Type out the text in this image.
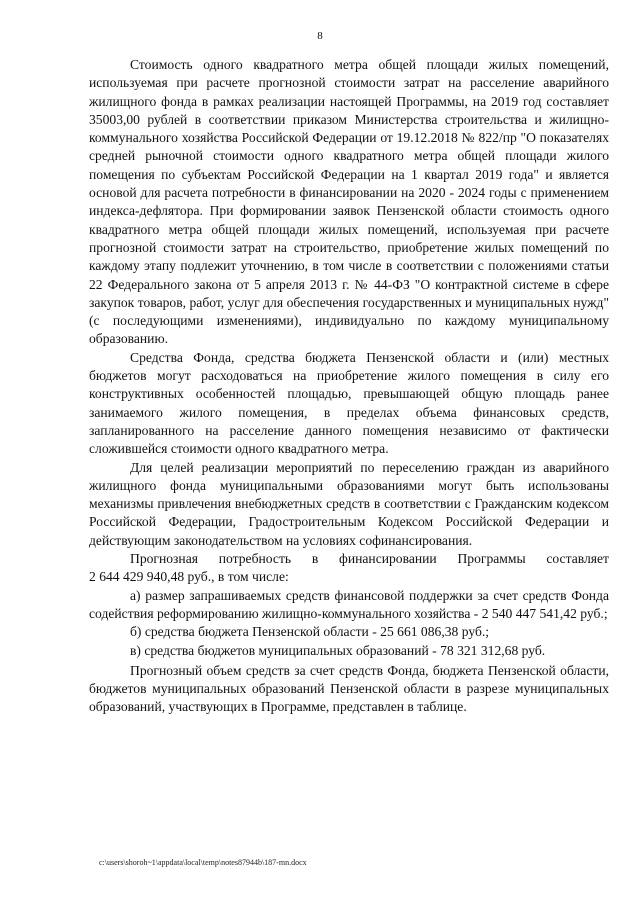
8

Стоимость одного квадратного метра общей площади жилых помещений, используемая при расчете прогнозной стоимости затрат на расселение аварийного жилищного фонда в рамках реализации настоящей Программы, на 2019 год составляет 35003,00 рублей в соответствии приказом Министерства строительства и жилищно-коммунального хозяйства Российской Федерации от 19.12.2018 № 822/пр "О показателях средней рыночной стоимости одного квадратного метра общей площади жилого помещения по субъектам Российской Федерации на 1 квартал 2019 года" и является основой для расчета потребности в финансировании на 2020 - 2024 годы с применением индекса-дефлятора. При формировании заявок Пензенской области стоимость одного квадратного метра общей площади жилых помещений, используемая при расчете прогнозной стоимости затрат на строительство, приобретение жилых помещений по каждому этапу подлежит уточнению, в том числе в соответствии с положениями статьи 22 Федерального закона от 5 апреля 2013 г. № 44-ФЗ "О контрактной системе в сфере закупок товаров, работ, услуг для обеспечения государственных и муниципальных нужд" (с последующими изменениями), индивидуально по каждому муниципальному образованию.

Средства Фонда, средства бюджета Пензенской области и (или) местных бюджетов могут расходоваться на приобретение жилого помещения в силу его конструктивных особенностей площадью, превышающей общую площадь ранее занимаемого жилого помещения, в пределах объема финансовых средств, запланированного на расселение данного помещения независимо от фактически сложившейся стоимости одного квадратного метра.

Для целей реализации мероприятий по переселению граждан из аварийного жилищного фонда муниципальными образованиями могут быть использованы механизмы привлечения внебюджетных средств в соответствии с Гражданским кодексом Российской Федерации, Градостроительным Кодексом Российской Федерации и действующим законодательством на условиях софинансирования.

Прогнозная потребность в финансировании Программы составляет

2 644 429 940,48 руб., в том числе:

а) размер запрашиваемых средств финансовой поддержки за счет средств Фонда содействия реформированию жилищно-коммунального хозяйства - 2 540 447 541,42 руб.;

б) средства бюджета Пензенской области - 25 661 086,38 руб.;

в) средства бюджетов муниципальных образований - 78 321 312,68 руб.

Прогнозный объем средств за счет средств Фонда, бюджета Пензенской области, бюджетов муниципальных образований Пензенской области в разрезе муниципальных образований, участвующих в Программе, представлен в таблице.

c:\users\shoroh~1\appdata\local\temp\notes87944b\187-mn.docx
